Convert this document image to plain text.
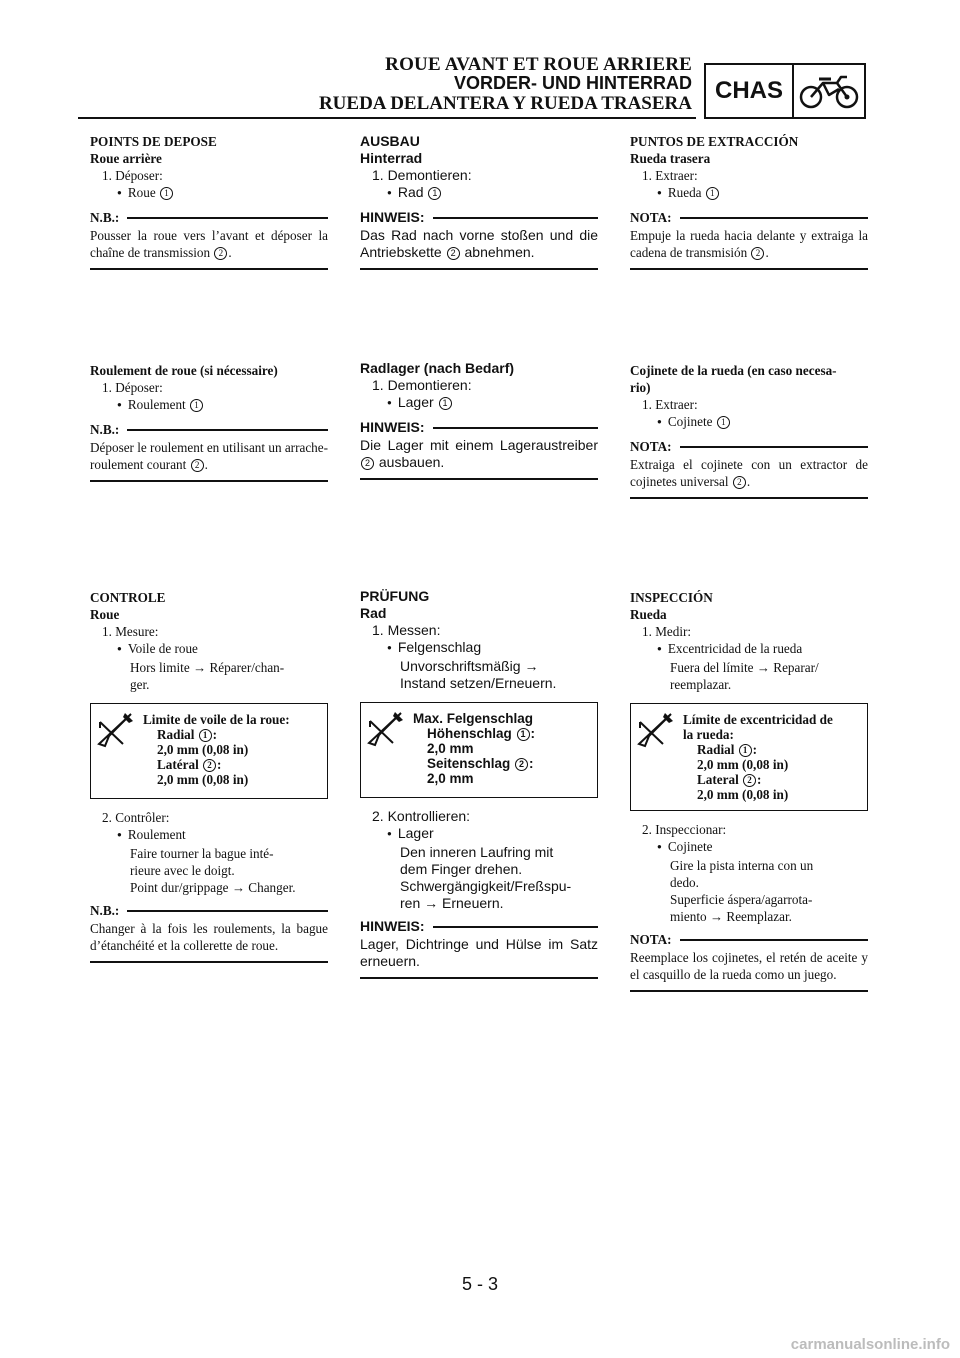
ROUE AVANT ET ROUE ARRIERE
VORDER- UND HINTERRAD
RUEDA DELANTERA Y RUEDA TRASERA CHAS
POINTS DE DEPOSE
Roue arrière
1. Déposer:
● Roue 1
N.B.:
Pousser la roue vers l’avant et déposer la chaîne de transmission 2 .
Roulement de roue (si nécessaire)
1. Déposer:
● Roulement 1
N.B.:
Déposer le roulement en utilisant un arrache-roulement courant 2 .
CONTROLE
Roue
1. Mesure:
● Voile de roue
Hors limite → Réparer/chan-
ger.
Limite de voile de la roue:
Radial 1 :
2,0 mm (0,08 in)
Latéral 2 :
2,0 mm (0,08 in)
2. Contrôler:
● Roulement
Faire tourner la bague inté-
rieure avec le doigt.
Point dur/grippage → Changer.
N.B.:
Changer à la fois les roulements, la bague d’étanchéité et la collerette de roue.
AUSBAU
Hinterrad
1. Demontieren:
● Rad 1
HINWEIS:
Das Rad nach vorne stoßen und die Antriebskette 2 abnehmen.
Radlager (nach Bedarf)
1. Demontieren:
● Lager 1
HINWEIS:
Die Lager mit einem Lageraustreiber 2 ausbauen.
PRÜFUNG
Rad
1. Messen:
● Felgenschlag
Unvorschriftsmäßig →
Instand setzen/Erneuern.
Max. Felgenschlag
Höhenschlag 1 :
2,0 mm
Seitenschlag 2 :
2,0 mm
2. Kontrollieren:
● Lager
Den inneren Laufring mit
dem Finger drehen.
Schwergängigkeit/Freßspu-
ren → Erneuern.
HINWEIS:
Lager, Dichtringe und Hülse im Satz erneuern.
PUNTOS DE EXTRACCIÓN
Rueda trasera
1. Extraer:
● Rueda 1
NOTA:
Empuje la rueda hacia delante y extraiga la cadena de transmisión 2 .
Cojinete de la rueda (en caso necesa-
rio)
1. Extraer:
● Cojinete 1
NOTA:
Extraiga el cojinete con un extractor de cojinetes universal 2 .
INSPECCIÓN
Rueda
1. Medir:
● Excentricidad de la rueda
Fuera del límite → Reparar/
reemplazar.
Límite de excentricidad de
la rueda:
Radial 1 :
2,0 mm (0,08 in)
Lateral 2 :
2,0 mm (0,08 in)
2. Inspeccionar:
● Cojinete
Gire la pista interna con un
dedo.
Superficie áspera/agarrota-
miento → Reemplazar.
NOTA:
Reemplace los cojinetes, el retén de aceite y el casquillo de la rueda como un juego.
5 - 3
carmanualsonline.info
